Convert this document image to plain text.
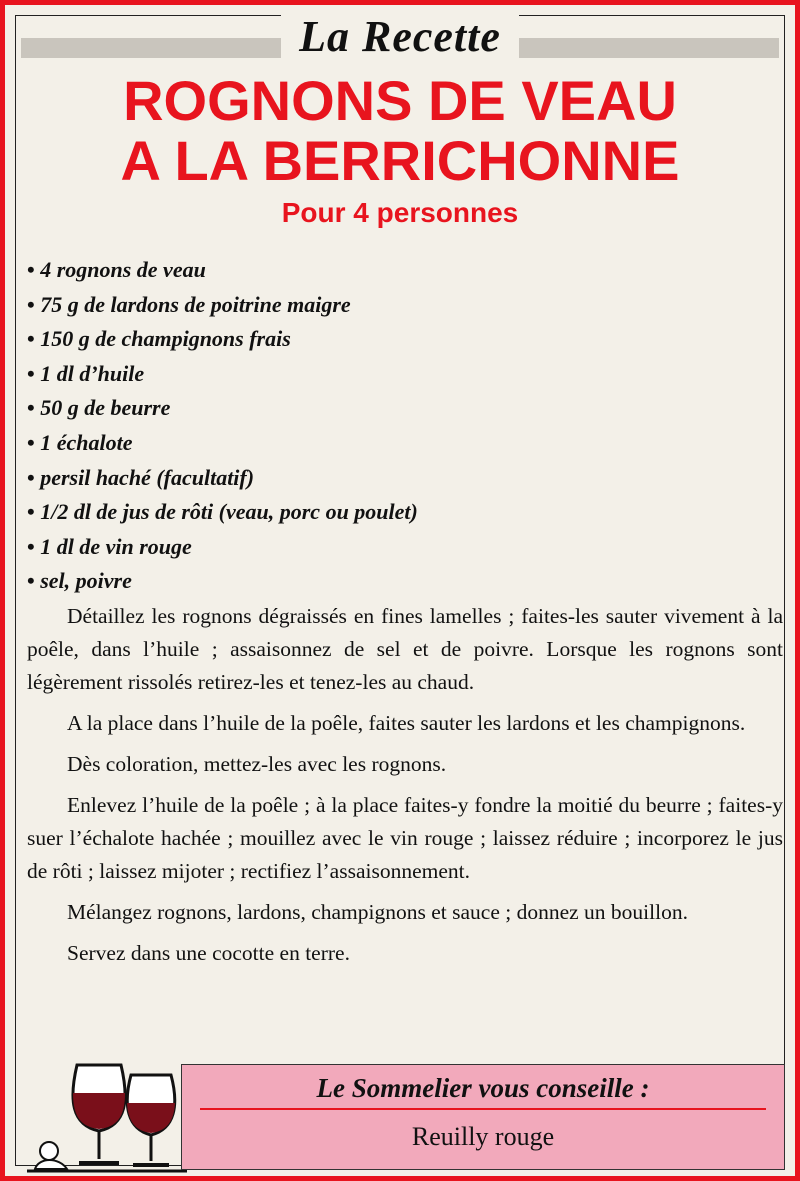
La Recette
ROGNONS DE VEAU
A LA BERRICHONNE
Pour 4 personnes
• 4 rognons de veau
• 75 g de lardons de poitrine maigre
• 150 g de champignons frais
• 1 dl d’huile
• 50 g de beurre
• 1 échalote
• persil haché (facultatif)
• 1/2 dl de jus de rôti (veau, porc ou poulet)
• 1 dl de vin rouge
• sel, poivre

Détaillez les rognons dégraissés en fines lamelles ; faites-les sauter vivement à la poêle, dans l’huile ; assaisonnez de sel et de poivre. Lorsque les rognons sont légèrement rissolés retirez-les et tenez-les au chaud.

A la place dans l’huile de la poêle, faites sauter les lardons et les champignons.

Dès coloration, mettez-les avec les rognons.

Enlevez l’huile de la poêle ; à la place faites-y fondre la moitié du beurre ; faites-y suer l’échalote hachée ; mouillez avec le vin rouge ; laissez réduire ; incorporez le jus de rôti ; laissez mijoter ; rectifiez l’assaisonnement.

Mélangez rognons, lardons, champignons et sauce ; donnez un bouillon.

Servez dans une cocotte en terre.

Le Sommelier vous conseille :
Reuilly rouge
